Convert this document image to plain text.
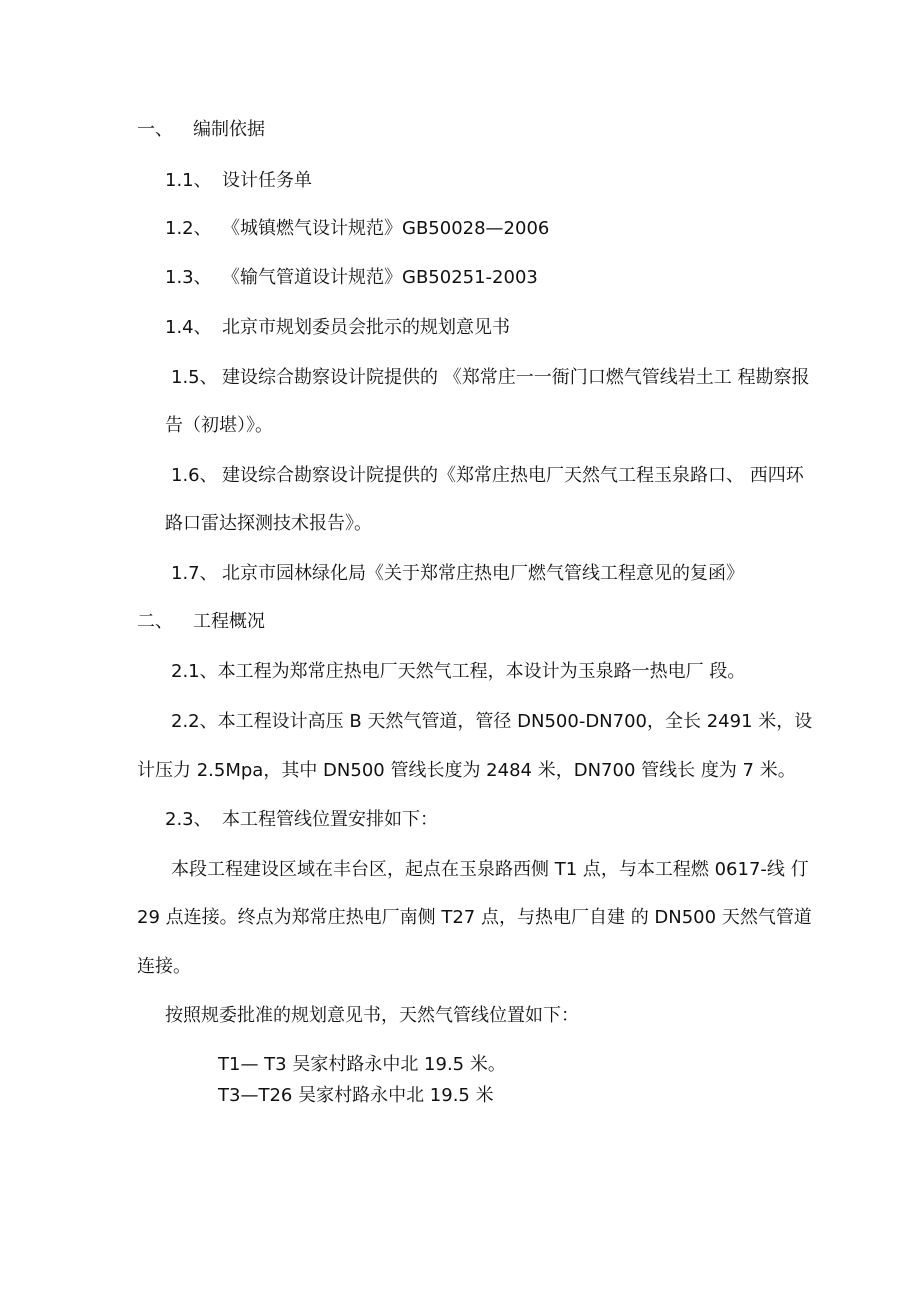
一、 编制依据
1.1、 设计任务单
1.2、 《城镇燃气设计规范》GB50028—2006
1.3、 《输气管道设计规范》GB50251-2003
1.4、 北京市规划委员会批示的规划意见书
1.5、 建设综合勘察设计院提供的 《郑常庄一一衙门口燃气管线岩土工 程勘察报
告（初堪）》。
1.6、 建设综合勘察设计院提供的《郑常庄热电厂天然气工程玉泉路口、 西四环
路口雷达探测技术报告》。
1.7、 北京市园林绿化局《关于郑常庄热电厂燃气管线工程意见的复函》
二、 工程概况
2.1、本工程为郑常庄热电厂天然气工程，本设计为玉泉路一热电厂 段。
2.2、本工程设计高压 B 天然气管道，管径 DN500-DN700，全长 2491 米，设
计压力 2.5Mpa，其中 DN500 管线长度为 2484 米，DN700 管线长 度为 7 米。
2.3、 本工程管线位置安排如下：
本段工程建设区域在丰台区，起点在玉泉路西侧 T1 点，与本工程燃 0617-线 仃
29 点连接。终点为郑常庄热电厂南侧 T27 点，与热电厂自建 的 DN500 天然气管道
连接。
按照规委批准的规划意见书，天然气管线位置如下：
T1— T3 吴家村路永中北 19.5 米。
T3—T26 吴家村路永中北 19.5 米
